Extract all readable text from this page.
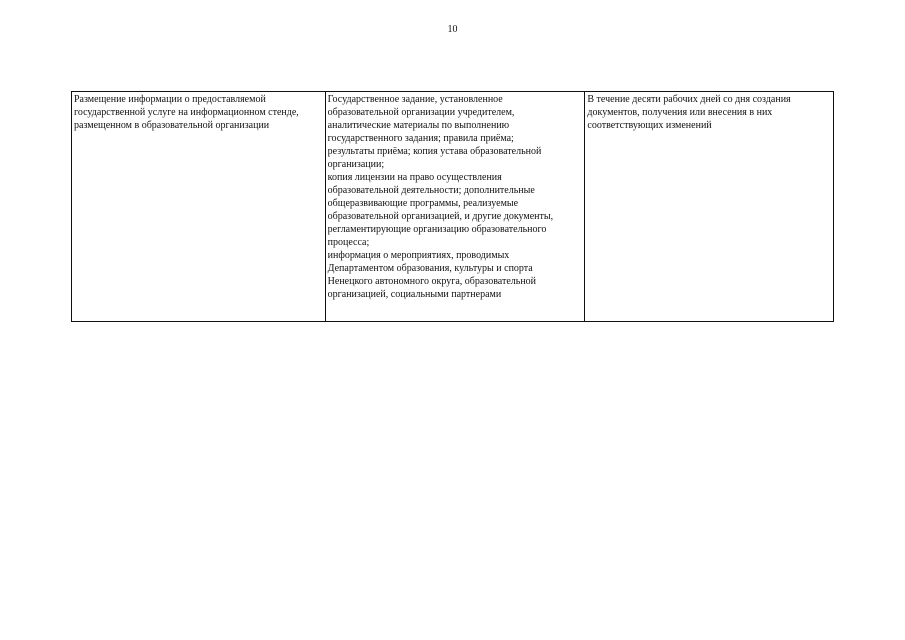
10
Размещение информации о предоставляемой
государственной услуге на информационном стенде,
размещенном в образовательной организации	Государственное задание, установленное
образовательной организации учредителем,
аналитические материалы по выполнению
государственного задания; правила приёма;
результаты приёма; копия устава образовательной
организации;
копия лицензии на право осуществления
образовательной деятельности; дополнительные
общеразвивающие программы, реализуемые
образовательной организацией, и другие документы,
регламентирующие организацию образовательного
процесса;
информация о мероприятиях, проводимых
Департаментом образования, культуры и спорта
Ненецкого автономного округа, образовательной
организацией, социальными партнерами	В течение десяти рабочих дней со дня создания
документов, получения или внесения в них
соответствующих изменений
